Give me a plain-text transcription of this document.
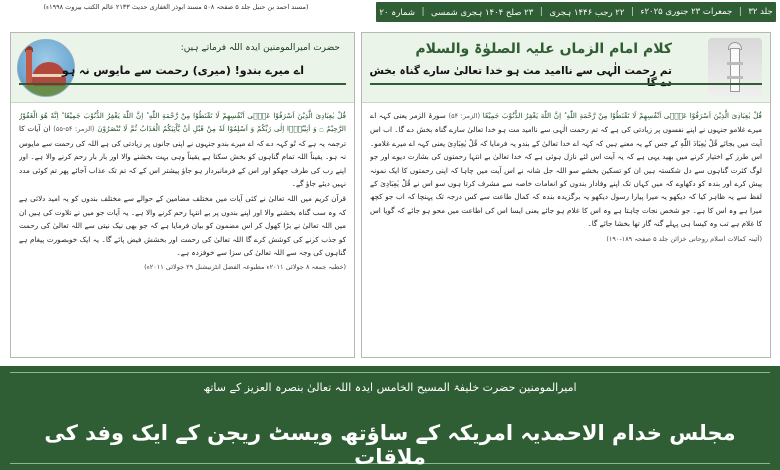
(مسند احمد بن حنبل جلد ۵ صفحہ ۵۰۸ مسند ابوذر الغفاری حدیث ۲۱۳۳ عالم الکتب بیروت ۱۹۹۸ء)	جلد ۳۲
|
جمعرات ۲۳ جنوری ۲۰۲۵ء
|
۲۲ رجب ۱۴۴۶ ہجری
|
۲۳ صلح ۱۴۰۴ ہجری شمسی
|
شمارہ ۲۰
حضرت امیرالمومنین ایدہ اللہ فرماتے ہیں:
اے میرے بندو! (میری) رحمت سے مایوس نہ ہو

قُلْ یٰعِبَادِیَ الَّذِیْنَ اَسْرَفُوْا عَلٰۤی اَنْفُسِهِمْ لَا تَقْنَطُوْا مِنْ رَّحْمَةِ اللّٰهِ ؕ اِنَّ اللّٰهَ یَغْفِرُ الذُّنُوْبَ جَمِیْعًا ؕ اِنَّهٗ هُوَ الْغَفُوْرُ الرَّحِیْمُ ۝ وَ اَنِیْبُوْۤا اِلٰی رَبِّكُمْ وَ اَسْلِمُوْا لَهٗ مِنْ قَبْلِ اَنْ یَّاْتِیَكُمُ الْعَذَابُ ثُمَّ لَا تُنْصَرُوْنَ (الزمر: ۵۴-۵۵) ان آیات کا ترجمہ یہ ہے کہ تُو کہہ دے کہ اے میرے بندو جنہوں نے اپنی جانوں پر زیادتی کی ہے اللہ کی رحمت سے مایوس نہ ہو۔ یقیناً اللہ تمام گناہوں کو بخش سکتا ہے یقیناً وہی بہت بخشنے والا اور بار بار رحم کرنے والا ہے۔ اور اپنے رب کی طرف جھکو اور اس کے فرمانبردار ہو جاؤ پیشتر اس کے کہ تم تک عذاب آجائے پھر تم کوئی مدد نہیں دیئے جاؤ گے۔

قرآن کریم میں اللہ تعالیٰ نے کئی آیات میں مختلف مضامین کے حوالے سے مختلف بندوں کو یہ امید دلائی ہے کہ وہ سب گناہ بخشنے والا اور اپنے بندوں پر بے انتہا رحم کرنے والا ہے۔ یہ آیات جو میں نے تلاوت کی ہیں ان میں اللہ تعالیٰ نے بڑا کھول کر اس مضمون کو بیان فرمایا ہے کہ جو بھی نیک نیتی سے اللہ تعالیٰ کی رحمت کو جذب کرنے کی کوشش کرے گا اللہ تعالیٰ کی رحمت اور بخشش فیض پائے گا۔ یہ ایک خوبصورت پیغام ہے گناہوں کی وجہ سے اللہ تعالیٰ کی سزا سے خوفزدہ ہے۔

(خطبہ جمعہ ۸ جولائی ۲۰۱۱ء مطبوعہ الفضل انٹرنیشنل ۲۹ جولائی ۲۰۱۱ء)
کلام امام الزماں علیہ الصلوٰۃ والسلام
تم رحمت الٰہی سے ناامید مت ہو خدا تعالیٰ سارے گناہ بخش

قُلْ یٰعِبَادِیَ الَّذِیْنَ اَسْرَفُوْا عَلٰۤی اَنْفُسِهِمْ لَا تَقْنَطُوْا مِنْ رَّحْمَةِ اللّٰهِ ؕ اِنَّ اللّٰهَ یَغْفِرُ الذُّنُوْبَ جَمِیْعًا (الزمر: ۵۴) سورۃ الزمر یعنی کہہ اے میرے غلامو جنہوں نے اپنے نفسوں پر زیادتی کی ہے کہ تم رحمت الٰہی سے ناامید مت ہو خدا تعالیٰ سارے گناہ بخش دے گا۔ اب اس آیت میں بجائے قُلْ یٰعِبَادَ اللّٰهِ کے جس کے یہ معنے ہیں کہ کہہ اے خدا تعالیٰ کے بندو یہ فرمایا کہ قُلْ یٰعِبَادِیَ یعنی کہہ اے میرے غلامو۔ اس طرز کے اختیار کرنے میں بھید یہی ہے کہ یہ آیت اس لئے نازل ہوئی ہے کہ خدا تعالیٰ بے انتہا رحمتوں کی بشارت دیوے اور جو لوگ کثرت گناہوں سے دل شکستہ ہیں ان کو تسکین بخشے سو اللہ جل شانہ نے اس آیت میں چاہا کہ اپنی رحمتوں کا ایک نمونہ پیش کرے اور بندہ کو دکھاوے کہ میں کہاں تک اپنے وفادار بندوں کو انعامات خاصہ سے مشرف کرتا ہوں سو اس نے قُلْ یٰعِبَادِیَ کے لفظ سے یہ ظاہر کیا کہ دیکھو یہ میرا پیارا رسول دیکھو یہ برگزیدہ بندہ کہ کمال طاعت سے کس درجہ تک پہنچا کہ اب جو کچھ میرا ہے وہ اس کا ہے۔ جو شخص نجات چاہتا ہے وہ اس کا غلام ہو جائے یعنی ایسا اس کی اطاعت میں محو ہو جائے کہ گویا اس کا غلام ہے تب وہ کیسا ہی پہلے گنہ گار تھا بخشا جائے گا۔

(آئینہ کمالات اسلام روحانی خزائن جلد ۵ صفحہ ۱۸۹-۱۹۰)
امیرالمومنین حضرت خلیفۃ المسیح الخامس ایدہ اللہ تعالیٰ بنصرہ العزیز کے ساتھ
مجلس خدام الاحمدیہ امریکہ کے ساؤتھ ویسٹ ریجن کے ایک وفد کی ملاقات
